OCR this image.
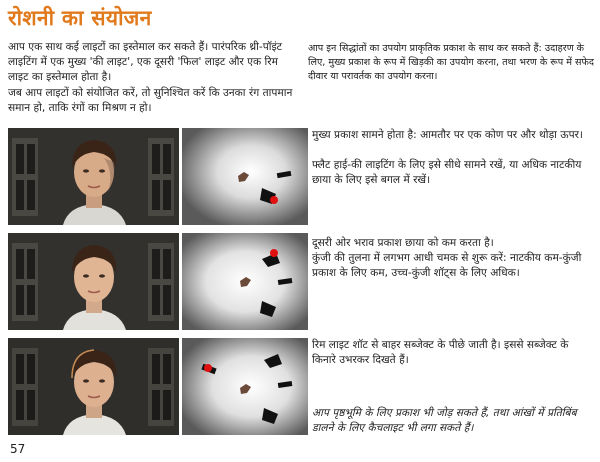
रोशनी का संयोजन

आप एक साथ कई लाइटों का इस्तेमाल कर सकते हैं। पारंपरिक थ्री-पॉइंट लाइटिंग में एक मुख्य 'की लाइट', एक दूसरी 'फिल' लाइट और एक रिम लाइट का इस्तेमाल होता है।

जब आप लाइटों को संयोजित करें, तो सुनिश्चित करें कि उनका रंग तापमान समान हो, ताकि रंगों का मिश्रण न हो।

आप इन सिद्धांतों का उपयोग प्राकृतिक प्रकाश के साथ कर सकते हैं: उदाहरण के लिए, मुख्य प्रकाश के रूप में खिड़की का उपयोग करना, तथा भरण के रूप में सफेद दीवार या परावर्तक का उपयोग करना।

मुख्य प्रकाश सामने होता है: आमतौर पर एक कोण पर और थोड़ा ऊपर।

फ्लैट हाई-की लाइटिंग के लिए इसे सीधे सामने रखें, या अधिक नाटकीय छाया के लिए इसे बगल में रखें।

दूसरी ओर भराव प्रकाश छाया को कम करता है।

कुंजी की तुलना में लगभग आधी चमक से शुरू करें: नाटकीय कम-कुंजी प्रकाश के लिए कम, उच्च-कुंजी शॉट्स के लिए अधिक।

रिम लाइट शॉट से बाहर सब्जेक्ट के पीछे जाती है। इससे सब्जेक्ट के किनारे उभरकर दिखते हैं।

आप पृष्ठभूमि के लिए प्रकाश भी जोड़ सकते हैं, तथा आंखों में प्रतिबिंब डालने के लिए कैचलाइट भी लगा सकते हैं।

57
